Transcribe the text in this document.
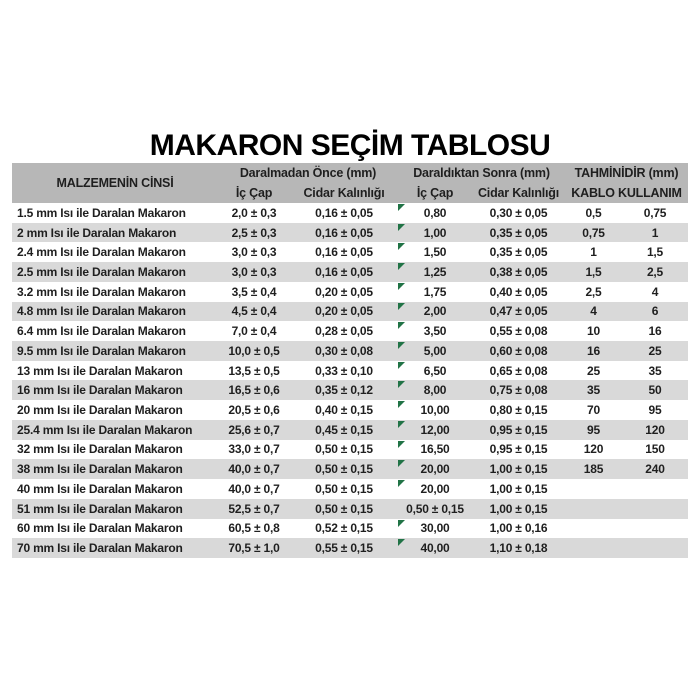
MAKARON SEÇİM TABLOSU
MALZEMENİN CİNSİ
Daralmadan Önce (mm)
İç Çap	Cidar Kalınlığı
Daraldıktan Sonra (mm)
İç Çap	Cidar Kalınlığı
TAHMİNİDİR (mm)
KABLO KULLANIM
1.5 mm Isı ile Daralan Makaron	2,0 ± 0,3	0,16 ± 0,05	0,80	0,30 ± 0,05	0,5	0,75
2 mm Isı ile Daralan Makaron	2,5 ± 0,3	0,16 ± 0,05	1,00	0,35 ± 0,05	0,75	1
2.4 mm Isı ile Daralan Makaron	3,0 ± 0,3	0,16 ± 0,05	1,50	0,35 ± 0,05	1	1,5
2.5 mm Isı ile Daralan Makaron	3,0 ± 0,3	0,16 ± 0,05	1,25	0,38 ± 0,05	1,5	2,5
3.2 mm Isı ile Daralan Makaron	3,5 ± 0,4	0,20 ± 0,05	1,75	0,40 ± 0,05	2,5	4
4.8 mm Isı ile Daralan Makaron	4,5 ± 0,4	0,20 ± 0,05	2,00	0,47 ± 0,05	4	6
6.4 mm Isı ile Daralan Makaron	7,0 ± 0,4	0,28 ± 0,05	3,50	0,55 ± 0,08	10	16
9.5 mm Isı ile Daralan Makaron	10,0 ± 0,5	0,30 ± 0,08	5,00	0,60 ± 0,08	16	25
13 mm Isı ile Daralan Makaron	13,5 ± 0,5	0,33 ± 0,10	6,50	0,65 ± 0,08	25	35
16 mm Isı ile Daralan Makaron	16,5 ± 0,6	0,35 ± 0,12	8,00	0,75 ± 0,08	35	50
20 mm Isı ile Daralan Makaron	20,5 ± 0,6	0,40 ± 0,15	10,00	0,80 ± 0,15	70	95
25.4 mm Isı ile Daralan Makaron	25,6 ± 0,7	0,45 ± 0,15	12,00	0,95 ± 0,15	95	120
32 mm Isı ile Daralan Makaron	33,0 ± 0,7	0,50 ± 0,15	16,50	0,95 ± 0,15	120	150
38 mm Isı ile Daralan Makaron	40,0 ± 0,7	0,50 ± 0,15	20,00	1,00 ± 0,15	185	240
40 mm Isı ile Daralan Makaron	40,0 ± 0,7	0,50 ± 0,15	20,00	1,00 ± 0,15
51 mm Isı ile Daralan Makaron	52,5 ± 0,7	0,50 ± 0,15	0,50 ± 0,15 1,00 ± 0,15
60 mm Isı ile Daralan Makaron	60,5 ± 0,8	0,52 ± 0,15	30,00	1,00 ± 0,16
70 mm Isı ile Daralan Makaron	70,5 ± 1,0	0,55 ± 0,15	40,00	1,10 ± 0,18
